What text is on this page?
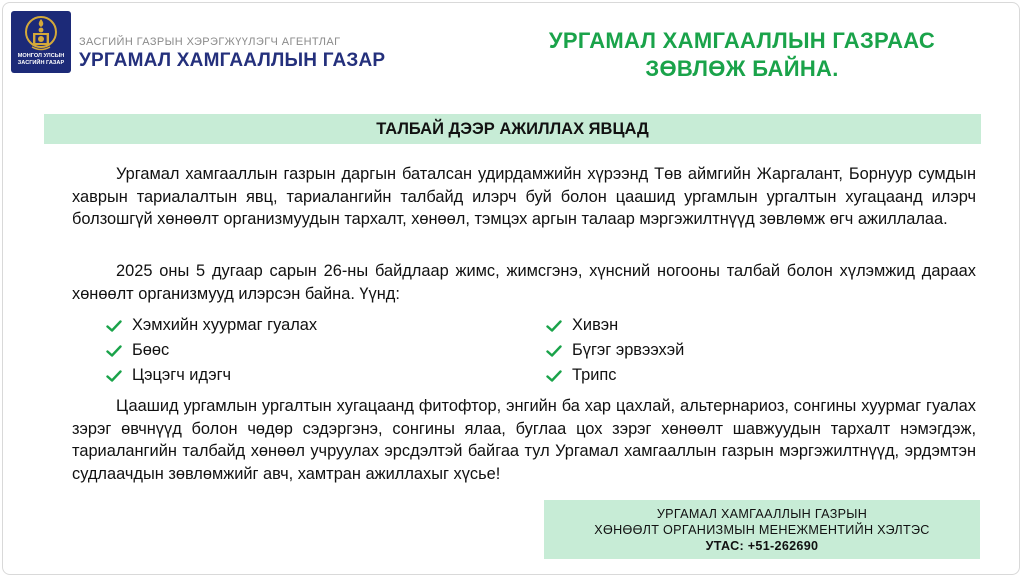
МОНГОЛ УЛСЫН
ЗАСГИЙН ГАЗАР
ЗАСГИЙН ГАЗРЫН ХЭРЭГЖҮҮЛЭГЧ АГЕНТЛАГ
УРГАМАЛ ХАМГААЛЛЫН ГАЗАР
УРГАМАЛ ХАМГААЛЛЫН ГАЗРААС
ЗӨВЛӨЖ БАЙНА.
ТАЛБАЙ ДЭЭР АЖИЛЛАХ ЯВЦАД

Ургамал хамгааллын газрын даргын баталсан удирдамжийн хүрээнд Төв аймгийн Жаргалант, Борнуур сумдын хаврын тариалалтын явц, тариалангийн талбайд илэрч буй болон цаашид ургамлын ургалтын хугацаанд илэрч болзошгүй хөнөөлт организмуудын тархалт, хөнөөл, тэмцэх аргын талаар мэргэжилтнүүд зөвлөмж өгч ажиллалаа.

2025 оны 5 дугаар сарын 26-ны байдлаар жимс, жимсгэнэ, хүнсний ногооны талбай болон хүлэмжид дараах хөнөөлт организмууд илэрсэн байна. Үүнд:

Хэмхийн хуурмаг гуалах
Бөөс
Цэцэгч идэгч
Хивэн
Бүгэг эрвээхэй
Трипс

Цаашид ургамлын ургалтын хугацаанд фитофтор, энгийн ба хар цахлай, альтернариоз, сонгины хуурмаг гуалах зэрэг өвчнүүд болон чөдөр сэдэргэнэ, сонгины ялаа, буглаа цох зэрэг хөнөөлт шавжуудын тархалт нэмэгдэж, тариалангийн талбайд хөнөөл учруулах эрсдэлтэй байгаа тул Ургамал хамгааллын газрын мэргэжилтнүүд, эрдэмтэн судлаачдын зөвлөмжийг авч, хамтран ажиллахыг хүсье!

УРГАМАЛ ХАМГААЛЛЫН ГАЗРЫН
ХӨНӨӨЛТ ОРГАНИЗМЫН МЕНЕЖМЕНТИЙН ХЭЛТЭС
УТАС: +51-262690
